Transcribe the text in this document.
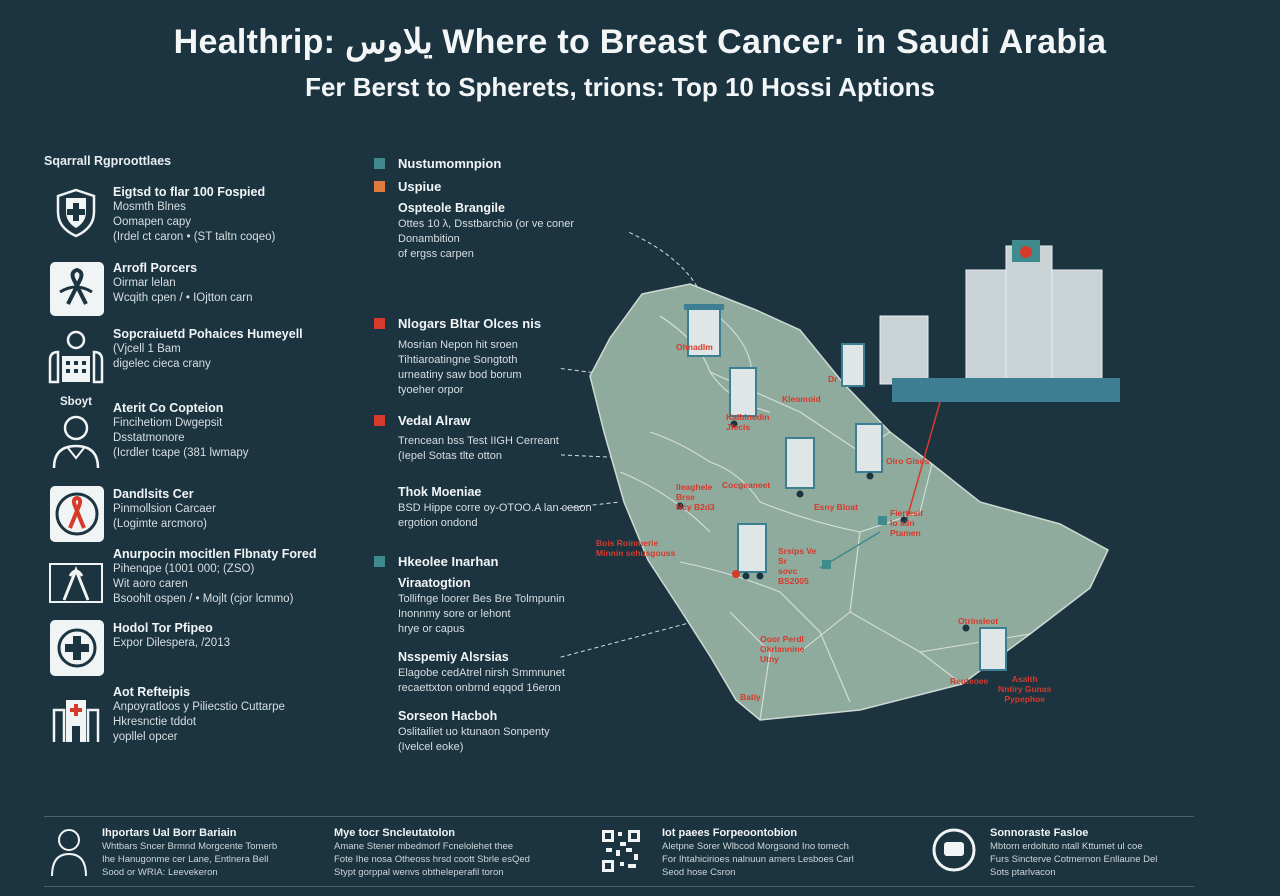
Healthrip: يلاوس Where to Breast Cancer· in Saudi Arabia
Fer Berst to Spherets, trions: Top 10 Hossi Aptions
Sqarrall Rgproottlaes
Eigtsd to flar 100 Fospied
Mosmth Blnes
Oomapen capy
(Irdel ct caron • (ST taltn coqeo)
Arrofl Porcers
Oirmar lelan
Wcqith cpen / • IOjtton carn
Sopcraiuetd Pohaices Humeyell
(Vjcell 1 Bam
digelec cieca crany
Sboyt Aterit Co Copteion
Fincihetiom Dwgepsit
Dsstatmonore
(Icrdler tcape (381 lwmapy
Dandlsits Cer
Pinmollsion Carcaer
(Logimte arcmoro)
Anurpocin mocitlen Flbnaty Fored
Pihenqpe (1001 000; (ZSO)
Wit aoro caren
Bsoohlt ospen / • Mojlt (cjor lcmmo)
Hodol Tor Pfipeo
Expor Dilespera, /2013
Aot Refteipis
Anpoyratloos y Piliecstio Cuttarpe
Hkresnctie tddot
yopllel opcer
Nustumomnpion
Uspiue
Ospteole Brangile
Ottes 10 λ, Dsstbarchio (or ve coner
Donambition
of ergss carpen
Nlogars Bltar Olces nis
Mosrian Nepon hit sroen
Tihtiaroatingne Songtoth
urneatiny saw bod borum
tyoeher orpor
Vedal Alraw
Trencean bss Test IIGH Cerreant
(Iepel Sotas tlte otton
Thok Moeniae
BSD Hippe corre oy-OTOO.A lan ceaon
ergotion ondond
Hkeolee Inarhan
Viraatogtion
Tollifnge loorer Bes Bre Tolmpunin
Inonnmy sore or lehont
hrye or capus
Nsspemiy Alsrsias
Elagobe cedAtrel nirsh Smmnunet
recaettxton onbrnd eqqod 16eron
Sorseon Hacboh
Oslitailiet uo ktunaon Sonpenty
(Ivelcel eoke)
Ohnadlm
Kleomoid
Kalbinedin
Jfecis
Cocgeaneet
Ileaghele
Brse
Ncy B2d3	Esny Bloat
Oiro Gisos
Fiertesit
lo aiin
Ptamen
Bois Roinmerie
Minnin sehusgouss	Srsips Ve
Sr
sovc
BS2005
Ooor Perdl
Okrlannine
Utny
Batiy
Otrinsleot
Reuteoee	Asalth
Nntiry Gunas
Pypephoe
Dr
Ihportars Ual Borr Bariain
Whtbars Sncer Brmnd Morgcente Tomerb
Ihe Hanugonme cer Lane, Entlnera Bell
Sood or WRIA: Leevekeron
Mye tocr Sncleutatolon
Amane Stener mbedmorf Fcnelolehet thee
Fote Ihe nosa Otheoss hrsd coott Sbrle esQed
Stypt gorppal wenvs obtheleperafil toron
Iot paees Forpeoontobion
Aletpne Sorer Wlbcod Morgsond Ino tomech
For Ihtahicirioes nalnuun amers Lesboes Carl
Seod hose Csron
Sonnoraste Fasloe
Mbtorn erdoltuto ntall Kttumet ul coe
Furs Sincterve Cotmernon Enllaune Del
Sots ptarlvacon
